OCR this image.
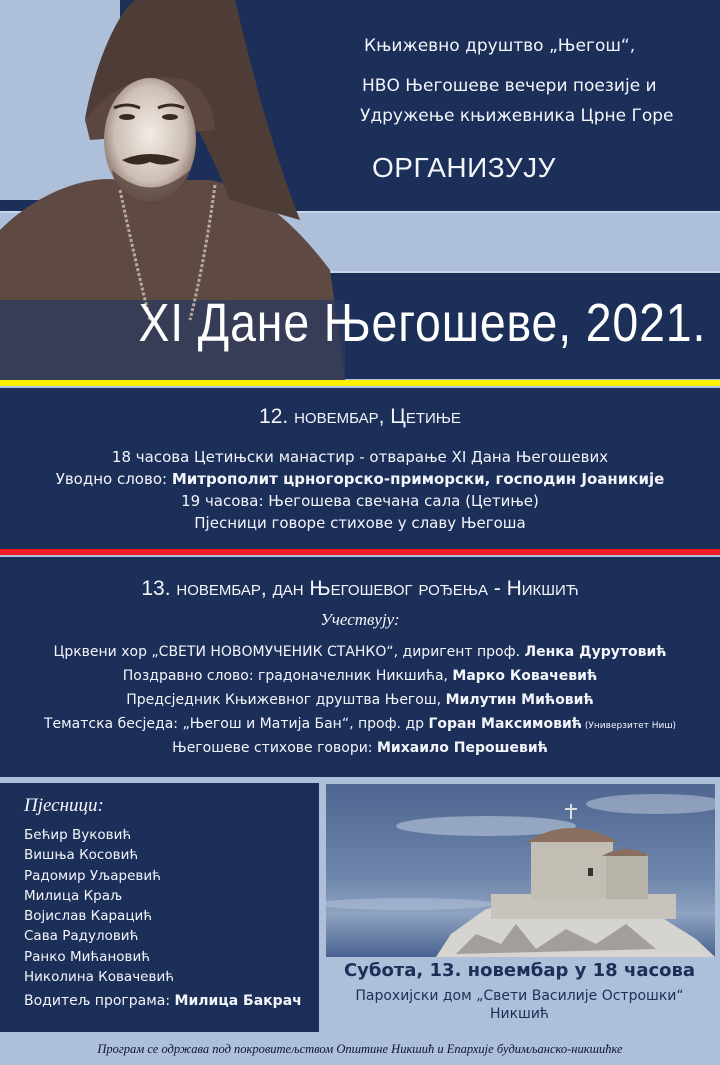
Књижевно друштво „Његош“,
НВО Његошеве вечери поезије и
Удружење књижевника Црне Горе
ОРГАНИЗУЈУ
XI Дане Његошеве, 2021.
12. новембар, Цетиње
18 часова Цетињски манастир - отварање XI Дана Његошевих
Уводно слово: Митрополит црногорско-приморски, господин Јоаникије
19 часова: Његошева свечана сала (Цетиње)
Пјесници говоре стихове у славу Његоша
13. новембар, дан Његошевог рођења - Никшић
Учествују:
Црквени хор „СВЕТИ НОВОМУЧЕНИК СТАНКО“, диригент проф. Ленка Дурутовић
Поздравно слово: градоначелник Никшића, Марко Ковачевић
Предсједник Књижевног друштва Његош, Милутин Мићовић
Тематска бесједа: „Његош и Матија Бан“, проф. др Горан Максимовић (Универзитет Ниш)
Његошеве стихове говори: Михаило Перошевић
Пјесници:
Бећир Вуковић
Вишња Косовић
Радомир Уљаревић
Милица Краљ
Војислав Карацић
Сава Радуловић
Ранко Мићановић
Николина Ковачевић
Водитељ програма: Милица Бакрач
Субота, 13. новембар у 18 часова
Парохијски дом „Свети Василије Острошки“
Никшић
Програм се одржава под покровитељством Општине Никшић и Епархије будимљанско-никшићке
